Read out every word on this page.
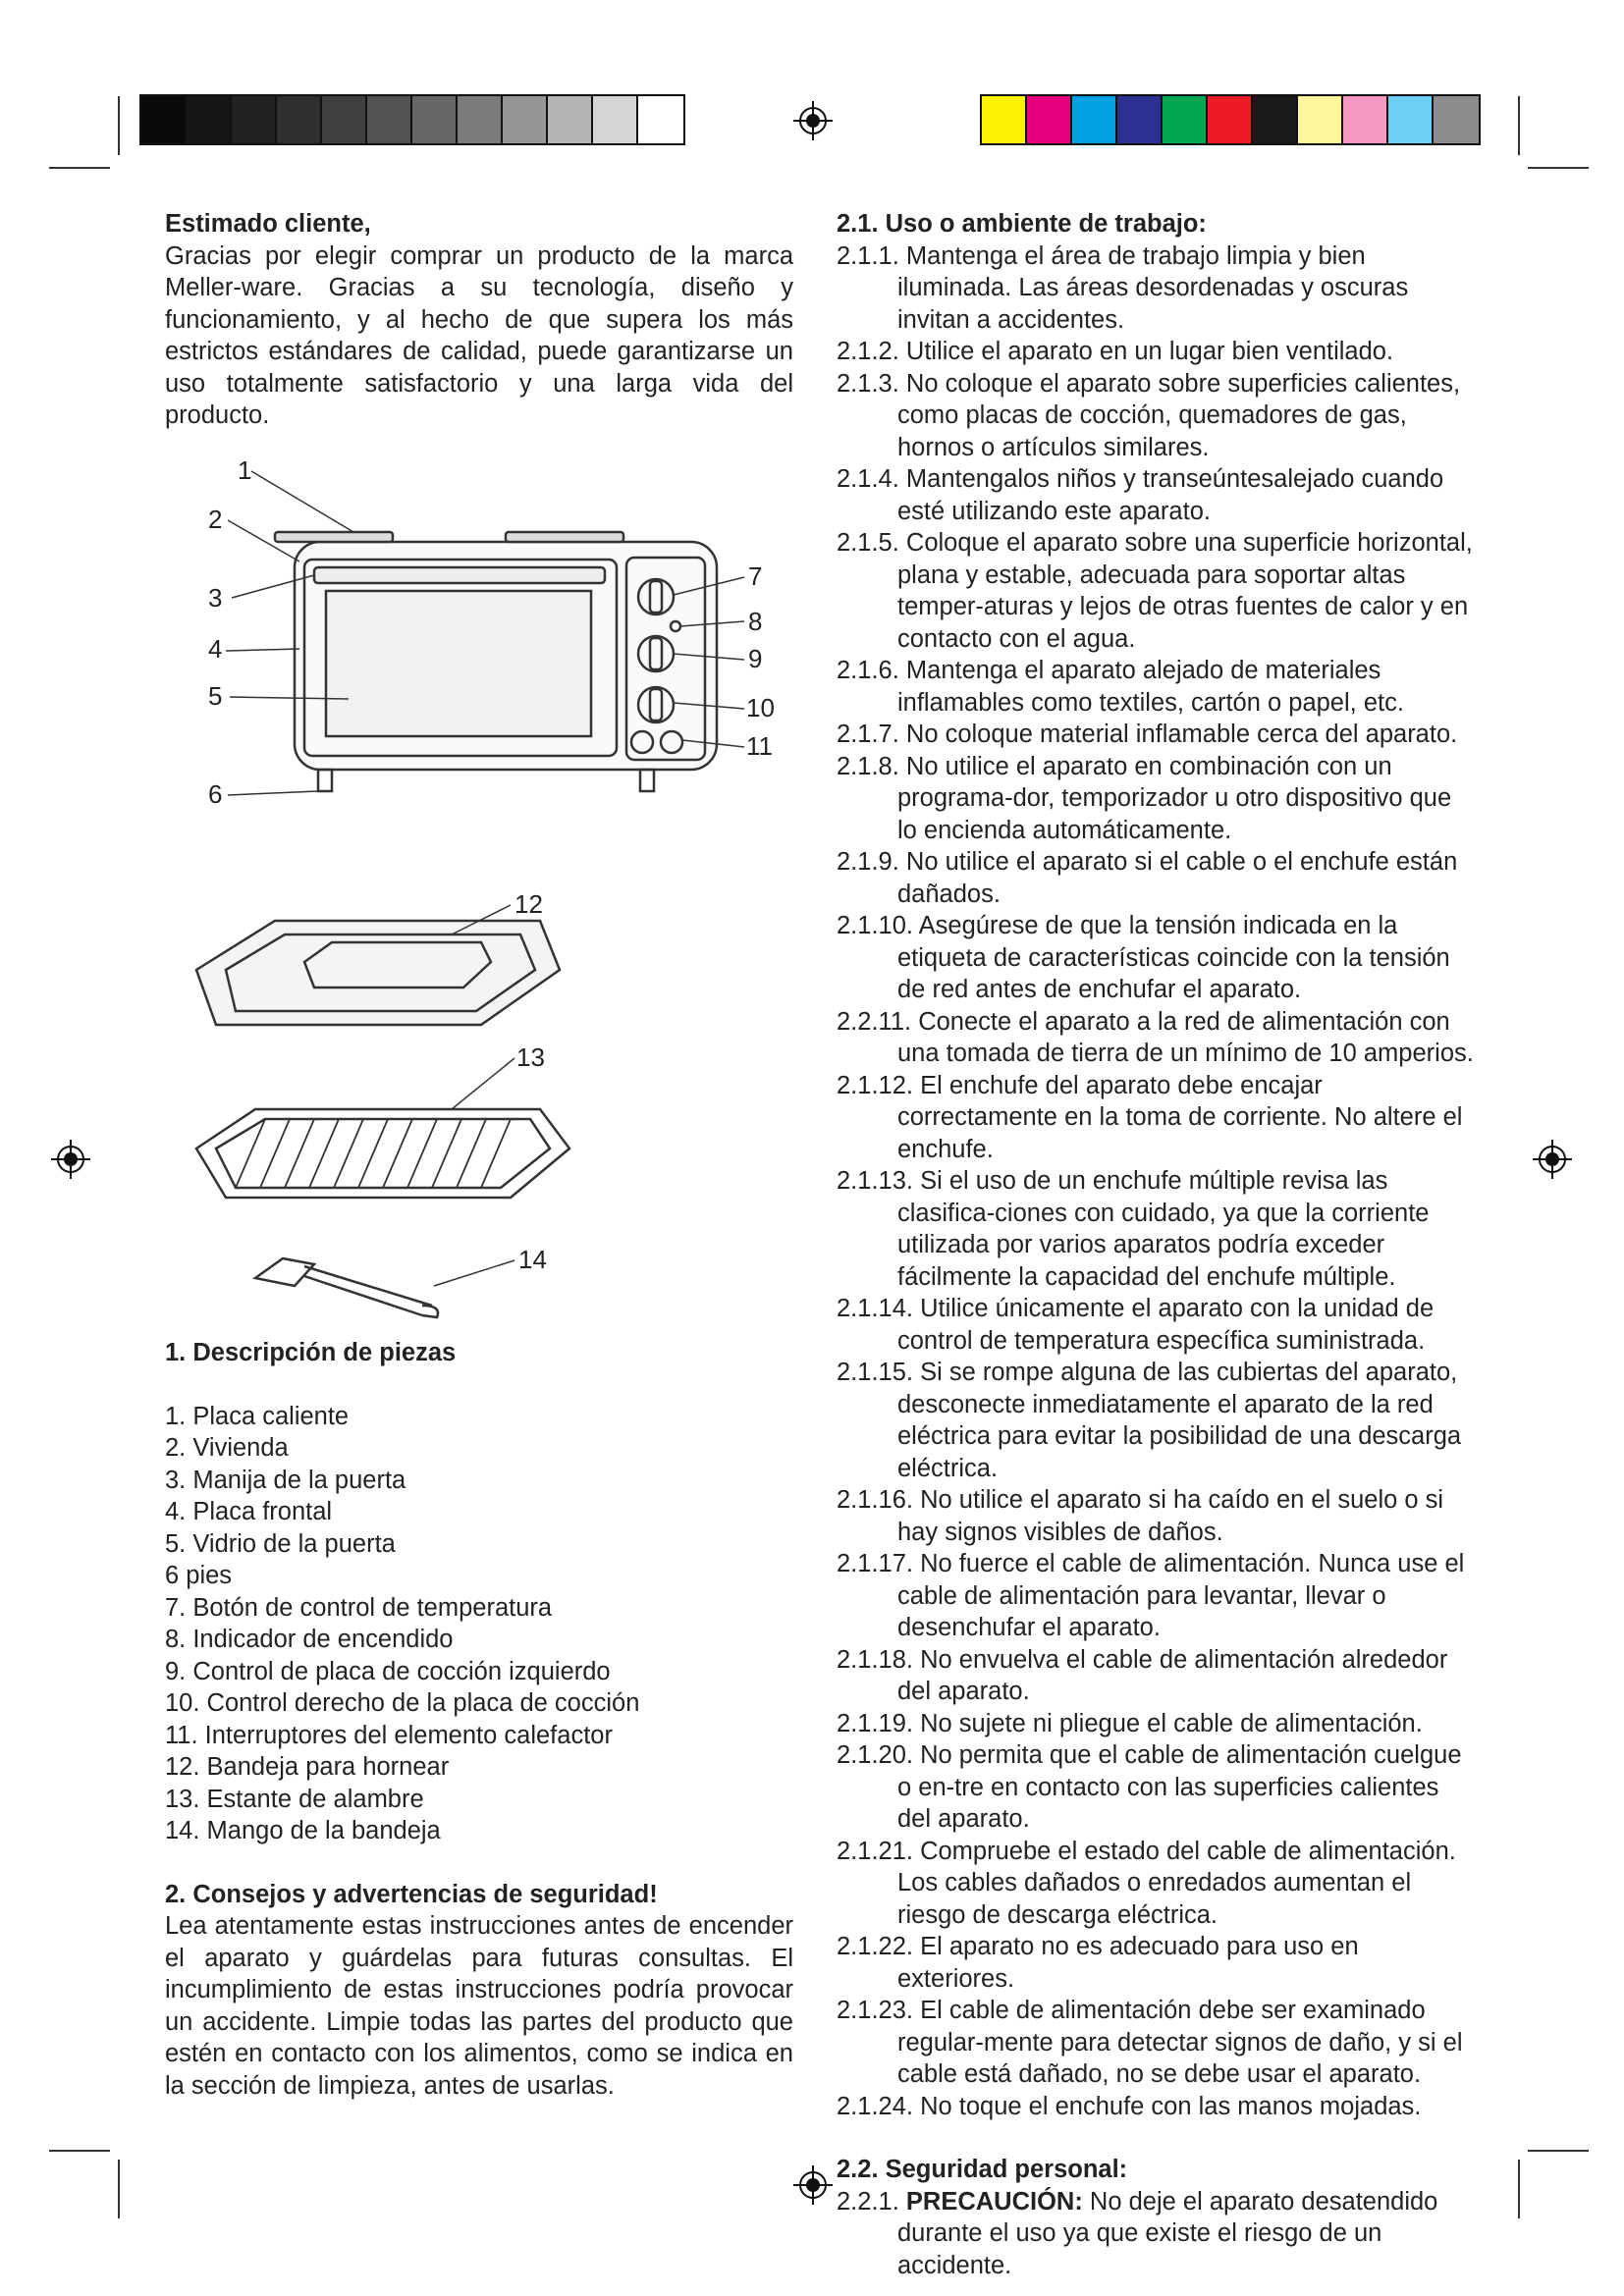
Estimado cliente,

Gracias por elegir comprar un producto de la marca Meller-ware. Gracias a su tecnología, diseño y funcionamiento, y al hecho de que supera los más estrictos estándares de calidad, puede garantizarse un uso totalmente satisfactorio y una larga vida del producto.

1
2
3
4
5
6
7
8
9
10
11
12
13
14

1. Descripción de piezas

1. Placa caliente
2. Vivienda
3. Manija de la puerta
4. Placa frontal
5. Vidrio de la puerta
6 pies
7. Botón de control de temperatura
8. Indicador de encendido
9. Control de placa de cocción izquierdo
10. Control derecho de la placa de cocción
11. Interruptores del elemento calefactor
12. Bandeja para hornear
13. Estante de alambre
14. Mango de la bandeja

2. Consejos y advertencias de seguridad!

Lea atentamente estas instrucciones antes de encender el aparato y guárdelas para futuras consultas. El incumplimiento de estas instrucciones podría provocar un accidente. Limpie todas las partes del producto que estén en contacto con los alimentos, como se indica en la sección de limpieza, antes de usarlas.

2.1. Uso o ambiente de trabajo:

2.1.1. Mantenga el área de trabajo limpia y bien iluminada. Las áreas desordenadas y oscuras invitan a accidentes.

2.1.2. Utilice el aparato en un lugar bien ventilado.

2.1.3. No coloque el aparato sobre superficies calientes, como placas de cocción, quemadores de gas, hornos o artículos similares.

2.1.4. Mantengalos niños y transeúntesalejado cuando esté utilizando este aparato.

2.1.5. Coloque el aparato sobre una superficie horizontal, plana y estable, adecuada para soportar altas temper-aturas y lejos de otras fuentes de calor y en contacto con el agua.

2.1.6. Mantenga el aparato alejado de materiales inflamables como textiles, cartón o papel, etc.

2.1.7. No coloque material inflamable cerca del aparato.

2.1.8. No utilice el aparato en combinación con un programa-dor, temporizador u otro dispositivo que lo encienda automáticamente.

2.1.9. No utilice el aparato si el cable o el enchufe están dañados.

2.1.10. Asegúrese de que la tensión indicada en la etiqueta de características coincide con la tensión de red antes de enchufar el aparato.

2.2.11. Conecte el aparato a la red de alimentación con una tomada de tierra de un mínimo de 10 amperios.

2.1.12. El enchufe del aparato debe encajar correctamente en la toma de corriente. No altere el enchufe.

2.1.13. Si el uso de un enchufe múltiple revisa las clasifica-ciones con cuidado, ya que la corriente utilizada por varios aparatos podría exceder fácilmente la capacidad del enchufe múltiple.

2.1.14. Utilice únicamente el aparato con la unidad de control de temperatura específica suministrada.

2.1.15. Si se rompe alguna de las cubiertas del aparato, desconecte inmediatamente el aparato de la red eléctrica para evitar la posibilidad de una descarga eléctrica.

2.1.16. No utilice el aparato si ha caído en el suelo o si hay signos visibles de daños.

2.1.17. No fuerce el cable de alimentación. Nunca use el cable de alimentación para levantar, llevar o desenchufar el aparato.

2.1.18. No envuelva el cable de alimentación alrededor del aparato.

2.1.19. No sujete ni pliegue el cable de alimentación.

2.1.20. No permita que el cable de alimentación cuelgue o en-tre en contacto con las superficies calientes del aparato.

2.1.21. Compruebe el estado del cable de alimentación. Los cables dañados o enredados aumentan el riesgo de descarga eléctrica.

2.1.22. El aparato no es adecuado para uso en exteriores.

2.1.23. El cable de alimentación debe ser examinado regular-mente para detectar signos de daño, y si el cable está dañado, no se debe usar el aparato.

2.1.24. No toque el enchufe con las manos mojadas.

2.2. Seguridad personal:

2.2.1. PRECAUCIÓN: No deje el aparato desatendido durante el uso ya que existe el riesgo de un accidente.
